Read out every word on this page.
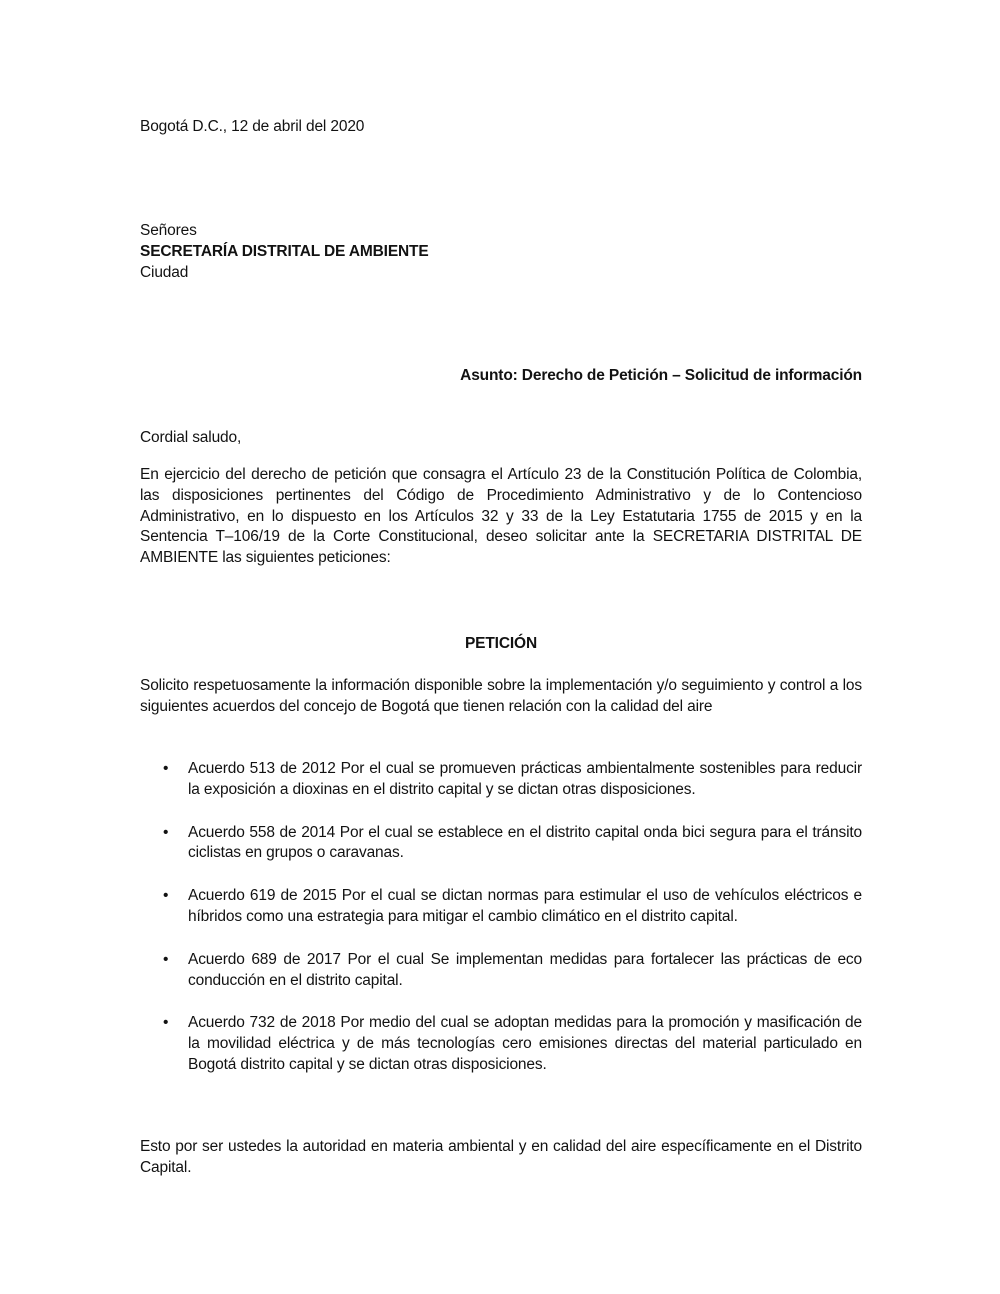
Bogotá D.C., 12 de abril del 2020
Señores
SECRETARÍA DISTRITAL DE AMBIENTE
Ciudad
Asunto: Derecho de Petición – Solicitud de información
Cordial saludo,

En ejercicio del derecho de petición que consagra el Artículo 23 de la Constitución Política de Colombia, las disposiciones pertinentes del Código de Procedimiento Administrativo y de lo Contencioso Administrativo, en lo dispuesto en los Artículos 32 y 33 de la Ley Estatutaria 1755 de 2015 y en la Sentencia T–106/19 de la Corte Constitucional, deseo solicitar ante la SECRETARIA DISTRITAL DE AMBIENTE las siguientes peticiones:

PETICIÓN

Solicito respetuosamente la información disponible sobre la implementación y/o seguimiento y control a los siguientes acuerdos del concejo de Bogotá que tienen relación con la calidad del aire

• Acuerdo 513 de 2012 Por el cual se promueven prácticas ambientalmente sostenibles para reducir la exposición a dioxinas en el distrito capital y se dictan otras disposiciones.
• Acuerdo 558 de 2014 Por el cual se establece en el distrito capital onda bici segura para el tránsito ciclistas en grupos o caravanas.
• Acuerdo 619 de 2015 Por el cual se dictan normas para estimular el uso de vehículos eléctricos e híbridos como una estrategia para mitigar el cambio climático en el distrito capital.
• Acuerdo 689 de 2017 Por el cual Se implementan medidas para fortalecer las prácticas de eco conducción en el distrito capital.
• Acuerdo 732 de 2018 Por medio del cual se adoptan medidas para la promoción y masificación de la movilidad eléctrica y de más tecnologías cero emisiones directas del material particulado en Bogotá distrito capital y se dictan otras disposiciones.

Esto por ser ustedes la autoridad en materia ambiental y en calidad del aire específicamente en el Distrito Capital.
